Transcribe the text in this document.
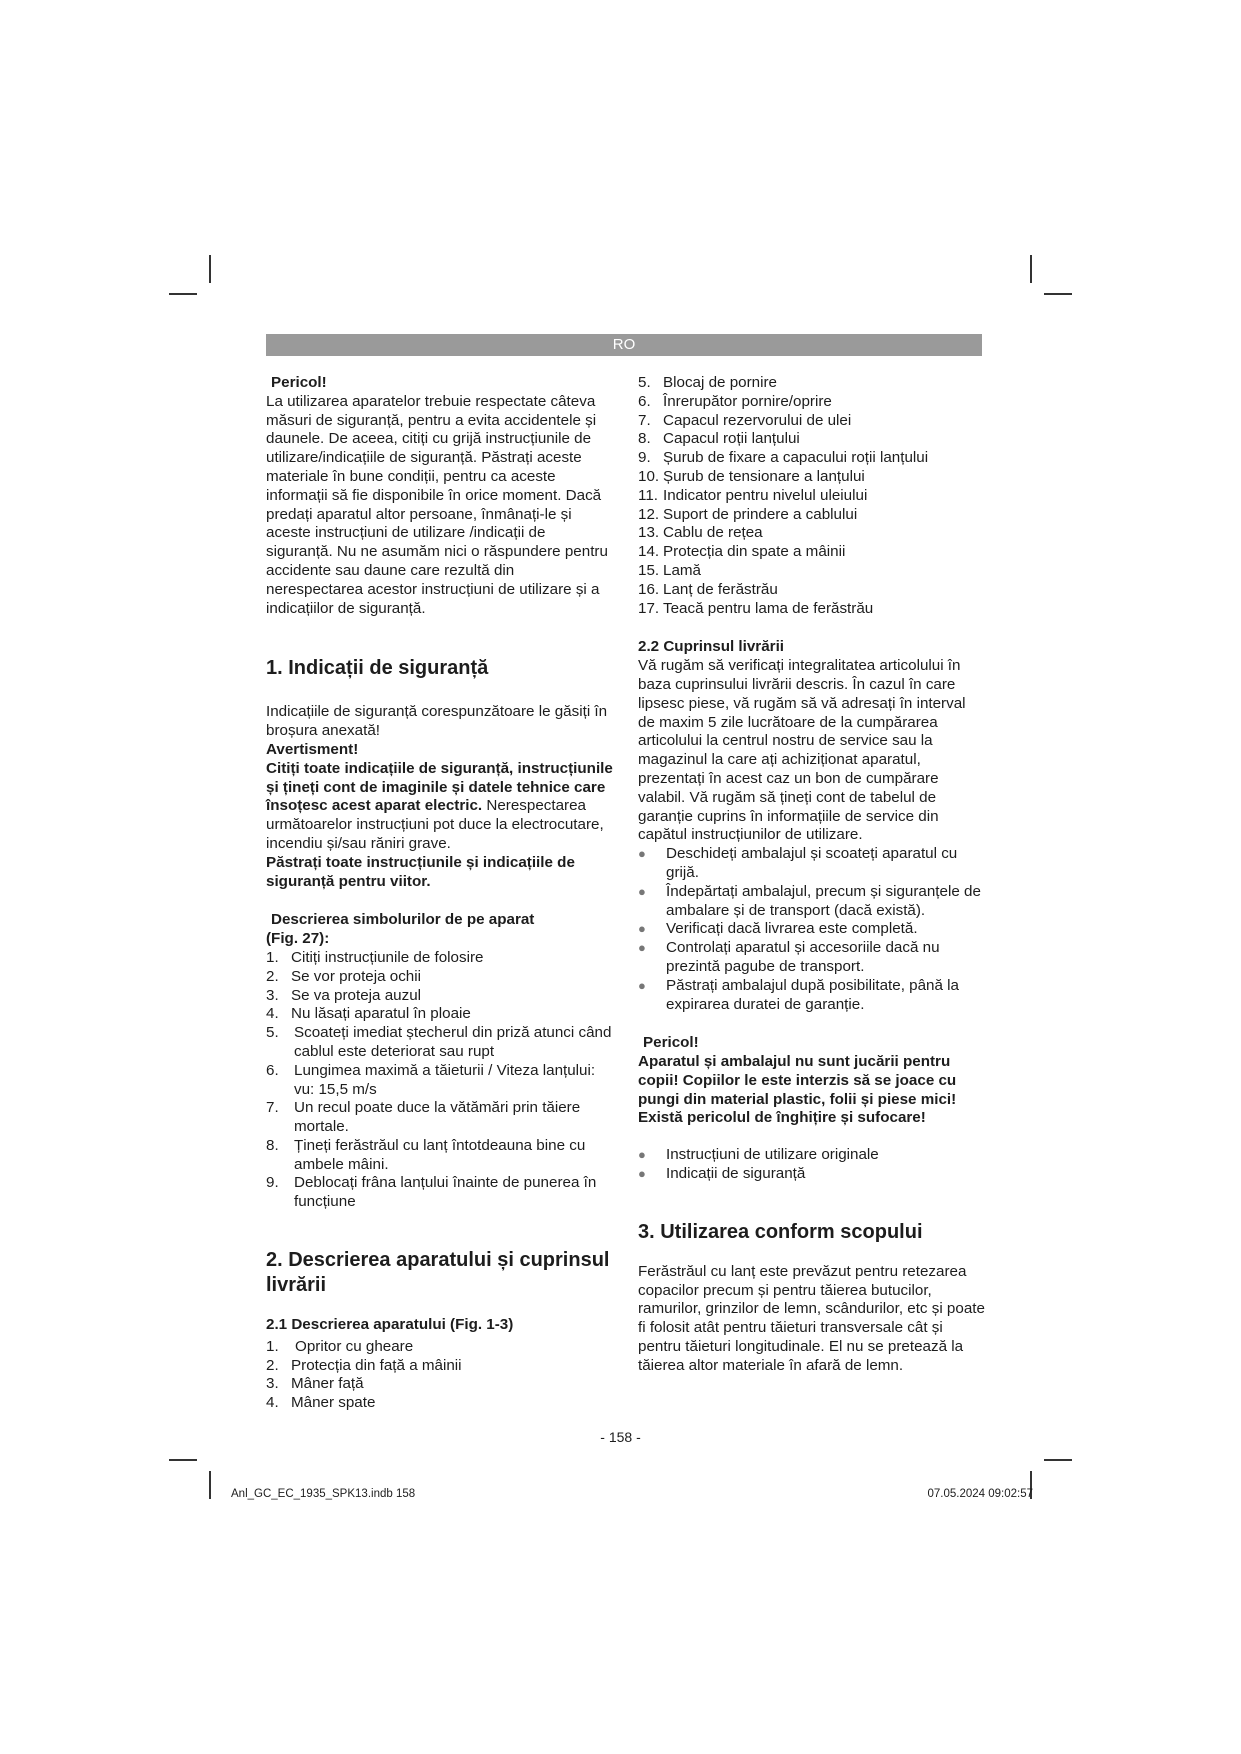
RO

Pericol!

La utilizarea aparatelor trebuie respectate câteva măsuri de siguranță, pentru a evita accidentele și daunele. De aceea, citiți cu grijă instrucțiunile de utilizare/indicațiile de siguranță. Păstrați aceste materiale în bune condiții, pentru ca aceste informații să fie disponibile în orice moment. Dacă predați aparatul altor persoane, înmânați-le și aceste instrucțiuni de utilizare /indicații de siguranță. Nu ne asumăm nici o răspundere pentru accidente sau daune care rezultă din nerespectarea acestor instrucțiuni de utilizare și a indicațiilor de siguranță.

1. Indicații de siguranță

Indicațiile de siguranță corespunzătoare le găsiți în broșura anexată!

Avertisment!

Citiți toate indicațiile de siguranță, instrucțiunile și țineți cont de imaginile și datele tehnice care însoțesc acest aparat electric. Nerespectarea următoarelor instrucțiuni pot duce la electrocutare, incendiu și/sau răniri grave.

Păstrați toate instrucțiunile și indicațiile de siguranță pentru viitor.

Descrierea simbolurilor de pe aparat

(Fig. 27):

1. Citiți instrucțiunile de folosire
2. Se vor proteja ochii
3. Se va proteja auzul
4. Nu lăsați aparatul în ploaie
5.	Scoateți imediat ștecherul din priză atunci când cablul este deteriorat sau rupt
6.	Lungimea maximă a tăieturii / Viteza lanțului: vu: 15,5 m/s
7.	Un recul poate duce la vătămări prin tăiere mortale.
8.	Țineți ferăstrăul cu lanț întotdeauna bine cu ambele mâini.
9.	Deblocați frâna lanțului înainte de punerea în funcțiune
2. Descrierea aparatului și cuprinsul livrării
2.1 Descrierea aparatului (Fig. 1-3)
1.	Opritor cu gheare
2. Protecția din față a mâinii
3. Mâner față
4. Mâner spate
5. Blocaj de pornire
6. Înrerupător pornire/oprire
7. Capacul rezervorului de ulei
8. Capacul roții lanțului
9. Șurub de fixare a capacului roții lanțului
10. Șurub de tensionare a lanțului
11. Indicator pentru nivelul uleiului
12. Suport de prindere a cablului
13. Cablu de rețea
14. Protecția din spate a mâinii
15. Lamă
16. Lanț de ferăstrău
17. Teacă pentru lama de ferăstrău
2.2 Cuprinsul livrării

Vă rugăm să verificați integralitatea articolului în baza cuprinsului livrării descris. În cazul în care lipsesc piese, vă rugăm să vă adresați în interval de maxim 5 zile lucrătoare de la cumpărarea articolului la centrul nostru de service sau la magazinul la care ați achiziționat aparatul, prezentați în acest caz un bon de cumpărare valabil. Vă rugăm să țineți cont de tabelul de garanție cuprins în informațiile de service din capătul instrucțiunilor de utilizare.

●	Deschideți ambalajul și scoateți aparatul cu grijă.
●	Îndepărtați ambalajul, precum și siguranțele de ambalare și de transport (dacă există).
●	Verificați dacă livrarea este completă.
●	Controlați aparatul și accesoriile dacă nu prezintă pagube de transport.
●	Păstrați ambalajul după posibilitate, până la expirarea duratei de garanție.

Pericol!

Aparatul și ambalajul nu sunt jucării pentru copii! Copiilor le este interzis să se joace cu pungi din material plastic, folii și piese mici! Există pericolul de înghițire și sufocare!

●	Instrucțiuni de utilizare originale
●	Indicații de siguranță
3. Utilizarea conform scopului

Ferăstrăul cu lanț este prevăzut pentru retezarea copacilor precum și pentru tăierea butucilor, ramurilor, grinzilor de lemn, scândurilor, etc și poate fi folosit atât pentru tăieturi transversale cât și pentru tăieturi longitudinale. El nu se pretează la tăierea altor materiale în afară de lemn.

- 158 -
Anl_GC_EC_1935_SPK13.indb 158	07.05.2024 09:02:57
